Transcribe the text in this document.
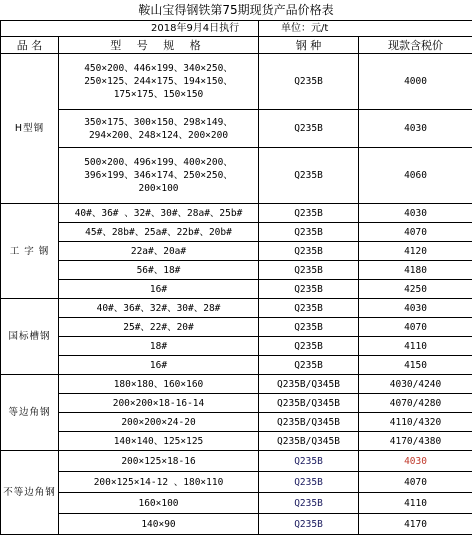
鞍山宝得钢铁第75期现货产品价格表
2018年9月4日执行		单位：元/t	
品 名	型 号 规 格	钢 种	现款含税价
H型钢	450×200、446×199、340×250、
250×125、244×175、194×150、
175×175、150×150	Q235B	4000

	350×175、300×150、298×149、
294×200、248×124、200×200	Q235B	4030

	500×200、496×199、400×200、
396×199、346×174、250×250、
200×100	Q235B	4060
工 字 钢	40#、36# 、32#、30#、28a#、25b#	Q235B	4030

	45#、28b#、25a#、22b#、20b#	Q235B	4070

	22a#、20a#	Q235B	4120

	56#、18#	Q235B	4180

	16#	Q235B	4250
国标槽钢	40#、36#、32#、30#、28#	Q235B	4030

	25#、22#、20#	Q235B	4070

	18#	Q235B	4110

	16#	Q235B	4150
等边角钢	180×180、160×160	Q235B/Q345B	4030/4240

	200×200×18-16-14	Q235B/Q345B	4070/4280

	200×200×24-20	Q235B/Q345B	4110/4320

	140×140、125×125	Q235B/Q345B	4170/4380
不等边角钢	200×125×18-16	Q235B	4030

	200×125×14-12 、180×110	Q235B	4070

	160×100	Q235B	4110

	140×90	Q235B	4170
